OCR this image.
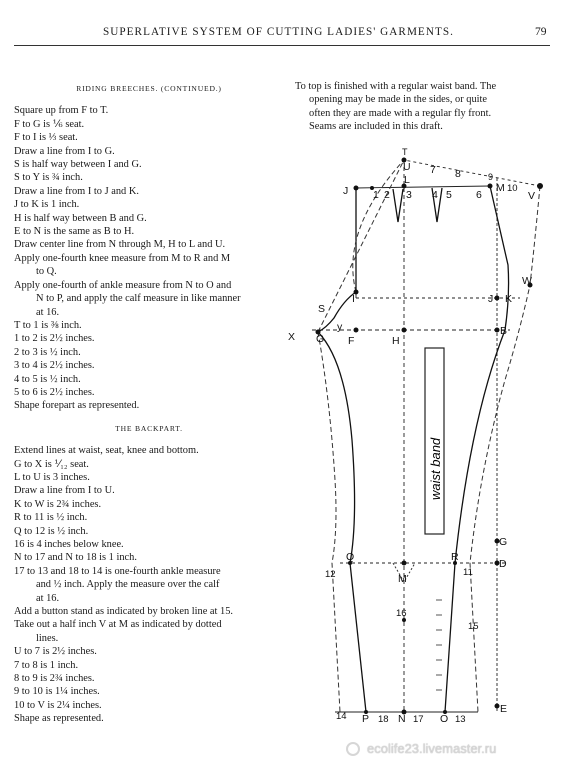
SUPERLATIVE SYSTEM OF CUTTING LADIES' GARMENTS.	79
RIDING BREECHES. (CONTINUED.)
Square up from F to T.
F to G is ⅙ seat.
F to I is ⅓ seat.
Draw a line from I to G.
S is half way between I and G.
S to Y is ¾ inch.
Draw a line from I to J and K.
J to K is 1 inch.
H is half way between B and G.
E to N is the same as B to H.
Draw center line from N through M, H to L and U.
Apply one-fourth knee measure from M to R and M
to Q.
Apply one-fourth of ankle measure from N to O and
N to P, and apply the calf measure in like manner
at 16.
T to 1 is ⅜ inch.
1 to 2 is 2½ inches.
2 to 3 is ½ inch.
3 to 4 is 2½ inches.
4 to 5 is ½ inch.
5 to 6 is 2½ inches.
Shape forepart as represented.
THE BACKPART.
Extend lines at waist, seat, knee and bottom.
G to X is ⅟₁₂ seat.
L to U is 3 inches.
Draw a line from I to U.
K to W is 2¾ inches.
R to 11 is ½ inch.
Q to 12 is ½ inch.
16 is 4 inches below knee.
N to 17 and N to 18 is 1 inch.
17 to 13 and 18 to 14 is one-fourth ankle measure
and ½ inch. Apply the measure over the calf
at 16.
Add a button stand as indicated by broken line at 15.
Take out a half inch V at M as indicated by dotted
lines.
U to 7 is 2½ inches.
7 to 8 is 1 inch.
8 to 9 is 2¾ inches.
9 to 10 is 1¼ inches.
10 to V is 2¼ inches.
Shape as represented.
To top is finished with a regular waist band. The
opening may be made in the sides, or quite
often they are made with a regular fly front.
Seams are included in this draft.
waist band
U
T
J 1 2
L
7 8
3 4 5 6
9
M 10
V
W
S
y
I	J K
X G F	H
B
G
Q	R
D
12	11
M
16
15
14 P 18 N 17 O 13
E
ecolife23.livemaster.ru
